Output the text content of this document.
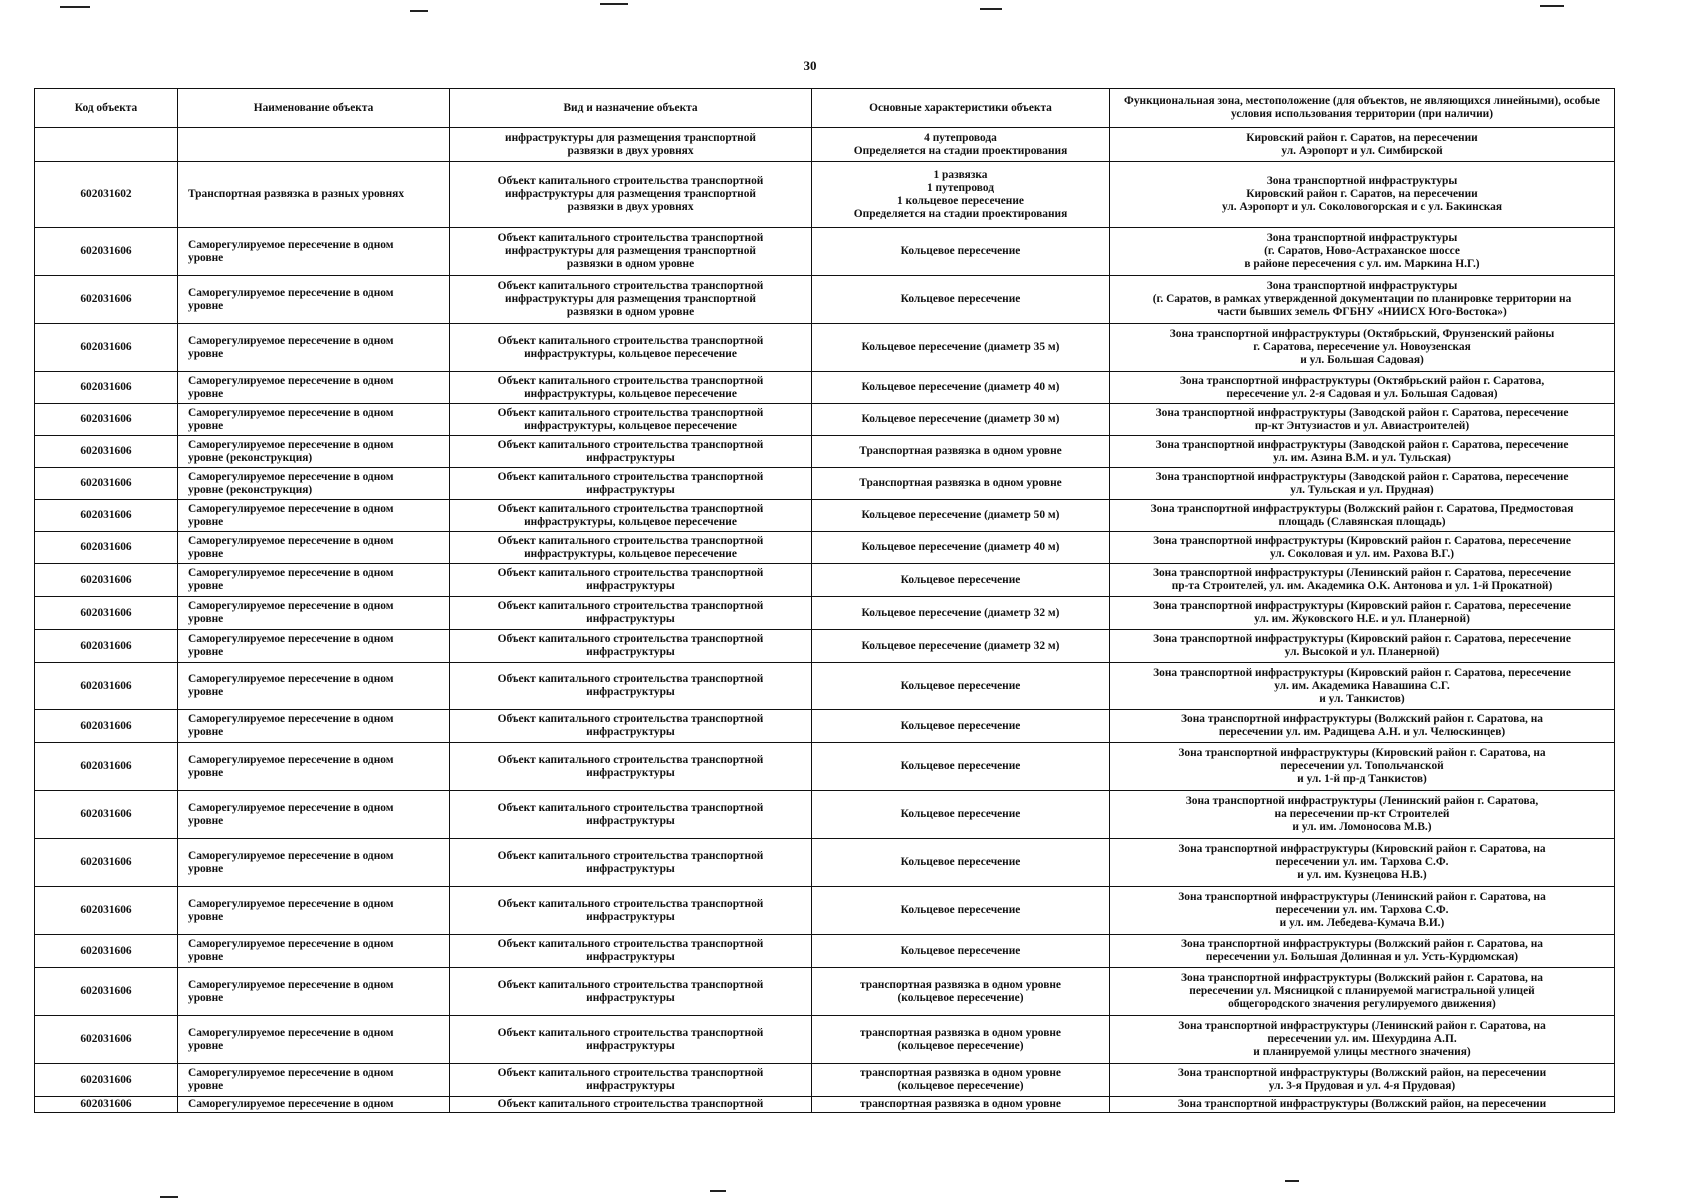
30
Код объекта	Наименование объекта	Вид и назначение объекта	Основные характеристики объекта	Функциональная зона, местоположение (для объектов, не являющихся линейными), особые условия использования территории (при наличии)
		инфраструктуры для размещения транспортной
развязки в двух уровнях	4 путепровода
Определяется на стадии проектирования	Кировский район г. Саратов, на пересечении
ул. Аэропорт и ул. Симбирской
602031602	Транспортная развязка в разных уровнях	Объект капитального строительства транспортной
инфраструктуры для размещения транспортной
развязки в двух уровнях	1 развязка
1 путепровод
1 кольцевое пересечение
Определяется на стадии проектирования	Зона транспортной инфраструктуры
Кировский район г. Саратов, на пересечении
ул. Аэропорт и ул. Соколовогорская и с ул. Бакинская
602031606	Саморегулируемое пересечение в одном
уровне	Объект капитального строительства транспортной
инфраструктуры для размещения транспортной
развязки в одном уровне	Кольцевое пересечение	Зона транспортной инфраструктуры
(г. Саратов, Ново-Астраханское шоссе
в районе пересечения с ул. им. Маркина Н.Г.)
602031606	Саморегулируемое пересечение в одном
уровне	Объект капитального строительства транспортной
инфраструктуры для размещения транспортной
развязки в одном уровне	Кольцевое пересечение	Зона транспортной инфраструктуры
(г. Саратов, в рамках утвержденной документации по планировке территории на
части бывших земель ФГБНУ «НИИСХ Юго-Востока»)
602031606	Саморегулируемое пересечение в одном
уровне	Объект капитального строительства транспортной
инфраструктуры, кольцевое пересечение	Кольцевое пересечение (диаметр 35 м)	Зона транспортной инфраструктуры (Октябрьский, Фрунзенский районы
г. Саратова, пересечение ул. Новоузенская
и ул. Большая Садовая)
602031606	Саморегулируемое пересечение в одном
уровне	Объект капитального строительства транспортной
инфраструктуры, кольцевое пересечение	Кольцевое пересечение (диаметр 40 м)	Зона транспортной инфраструктуры (Октябрьский район г. Саратова,
пересечение ул. 2-я Садовая и ул. Большая Садовая)
602031606	Саморегулируемое пересечение в одном
уровне	Объект капитального строительства транспортной
инфраструктуры, кольцевое пересечение	Кольцевое пересечение (диаметр 30 м)	Зона транспортной инфраструктуры (Заводской район г. Саратова, пересечение
пр-кт Энтузиастов и ул. Авиастроителей)
602031606	Саморегулируемое пересечение в одном
уровне (реконструкция)	Объект капитального строительства транспортной
инфраструктуры	Транспортная развязка в одном уровне	Зона транспортной инфраструктуры (Заводской район г. Саратова, пересечение
ул. им. Азина В.М. и ул. Тульская)
602031606	Саморегулируемое пересечение в одном
уровне (реконструкция)	Объект капитального строительства транспортной
инфраструктуры	Транспортная развязка в одном уровне	Зона транспортной инфраструктуры (Заводской район г. Саратова, пересечение
ул. Тульская и ул. Прудная)
602031606	Саморегулируемое пересечение в одном
уровне	Объект капитального строительства транспортной
инфраструктуры, кольцевое пересечение	Кольцевое пересечение (диаметр 50 м)	Зона транспортной инфраструктуры (Волжский район г. Саратова, Предмостовая
площадь (Славянская площадь)
602031606	Саморегулируемое пересечение в одном
уровне	Объект капитального строительства транспортной
инфраструктуры, кольцевое пересечение	Кольцевое пересечение (диаметр 40 м)	Зона транспортной инфраструктуры (Кировский район г. Саратова, пересечение
ул. Соколовая и ул. им. Рахова В.Г.)
602031606	Саморегулируемое пересечение в одном
уровне	Объект капитального строительства транспортной
инфраструктуры	Кольцевое пересечение	Зона транспортной инфраструктуры (Ленинский район г. Саратова, пересечение
пр-та Строителей, ул. им. Академика О.К. Антонова и ул. 1-й Прокатной)
602031606	Саморегулируемое пересечение в одном
уровне	Объект капитального строительства транспортной
инфраструктуры	Кольцевое пересечение (диаметр 32 м)	Зона транспортной инфраструктуры (Кировский район г. Саратова, пересечение
ул. им. Жуковского Н.Е. и ул. Планерной)
602031606	Саморегулируемое пересечение в одном
уровне	Объект капитального строительства транспортной
инфраструктуры	Кольцевое пересечение (диаметр 32 м)	Зона транспортной инфраструктуры (Кировский район г. Саратова, пересечение
ул. Высокой и ул. Планерной)
602031606	Саморегулируемое пересечение в одном
уровне	Объект капитального строительства транспортной
инфраструктуры	Кольцевое пересечение	Зона транспортной инфраструктуры (Кировский район г. Саратова, пересечение
ул. им. Академика Навашина С.Г.
и ул. Танкистов)
602031606	Саморегулируемое пересечение в одном
уровне	Объект капитального строительства транспортной
инфраструктуры	Кольцевое пересечение	Зона транспортной инфраструктуры (Волжский район г. Саратова, на
пересечении ул. им. Радищева А.Н. и ул. Челюскинцев)
602031606	Саморегулируемое пересечение в одном
уровне	Объект капитального строительства транспортной
инфраструктуры	Кольцевое пересечение	Зона транспортной инфраструктуры (Кировский район г. Саратова, на
пересечении ул. Топольчанской
и ул. 1-й пр-д Танкистов)
602031606	Саморегулируемое пересечение в одном
уровне	Объект капитального строительства транспортной
инфраструктуры	Кольцевое пересечение	Зона транспортной инфраструктуры (Ленинский район г. Саратова,
на пересечении пр-кт Строителей
и ул. им. Ломоносова М.В.)
602031606	Саморегулируемое пересечение в одном
уровне	Объект капитального строительства транспортной
инфраструктуры	Кольцевое пересечение	Зона транспортной инфраструктуры (Кировский район г. Саратова, на
пересечении ул. им. Тархова С.Ф.
и ул. им. Кузнецова Н.В.)
602031606	Саморегулируемое пересечение в одном
уровне	Объект капитального строительства транспортной
инфраструктуры	Кольцевое пересечение	Зона транспортной инфраструктуры (Ленинский район г. Саратова, на
пересечении ул. им. Тархова С.Ф.
и ул. им. Лебедева-Кумача В.И.)
602031606	Саморегулируемое пересечение в одном
уровне	Объект капитального строительства транспортной
инфраструктуры	Кольцевое пересечение	Зона транспортной инфраструктуры (Волжский район г. Саратова, на
пересечении ул. Большая Долинная и ул. Усть-Курдюмская)
602031606	Саморегулируемое пересечение в одном
уровне	Объект капитального строительства транспортной
инфраструктуры	транспортная развязка в одном уровне
(кольцевое пересечение)	Зона транспортной инфраструктуры (Волжский район г. Саратова, на
пересечении ул. Мясницкой с планируемой магистральной улицей
общегородского значения регулируемого движения)
602031606	Саморегулируемое пересечение в одном
уровне	Объект капитального строительства транспортной
инфраструктуры	транспортная развязка в одном уровне
(кольцевое пересечение)	Зона транспортной инфраструктуры (Ленинский район г. Саратова, на
пересечении ул. им. Шехурдина А.П.
и планируемой улицы местного значения)
602031606	Саморегулируемое пересечение в одном
уровне	Объект капитального строительства транспортной
инфраструктуры	транспортная развязка в одном уровне
(кольцевое пересечение)	Зона транспортной инфраструктуры (Волжский район, на пересечении
ул. 3-я Прудовая и ул. 4-я Прудовая)
602031606	Саморегулируемое пересечение в одном	Объект капитального строительства транспортной	транспортная развязка в одном уровне	Зона транспортной инфраструктуры (Волжский район, на пересечении
